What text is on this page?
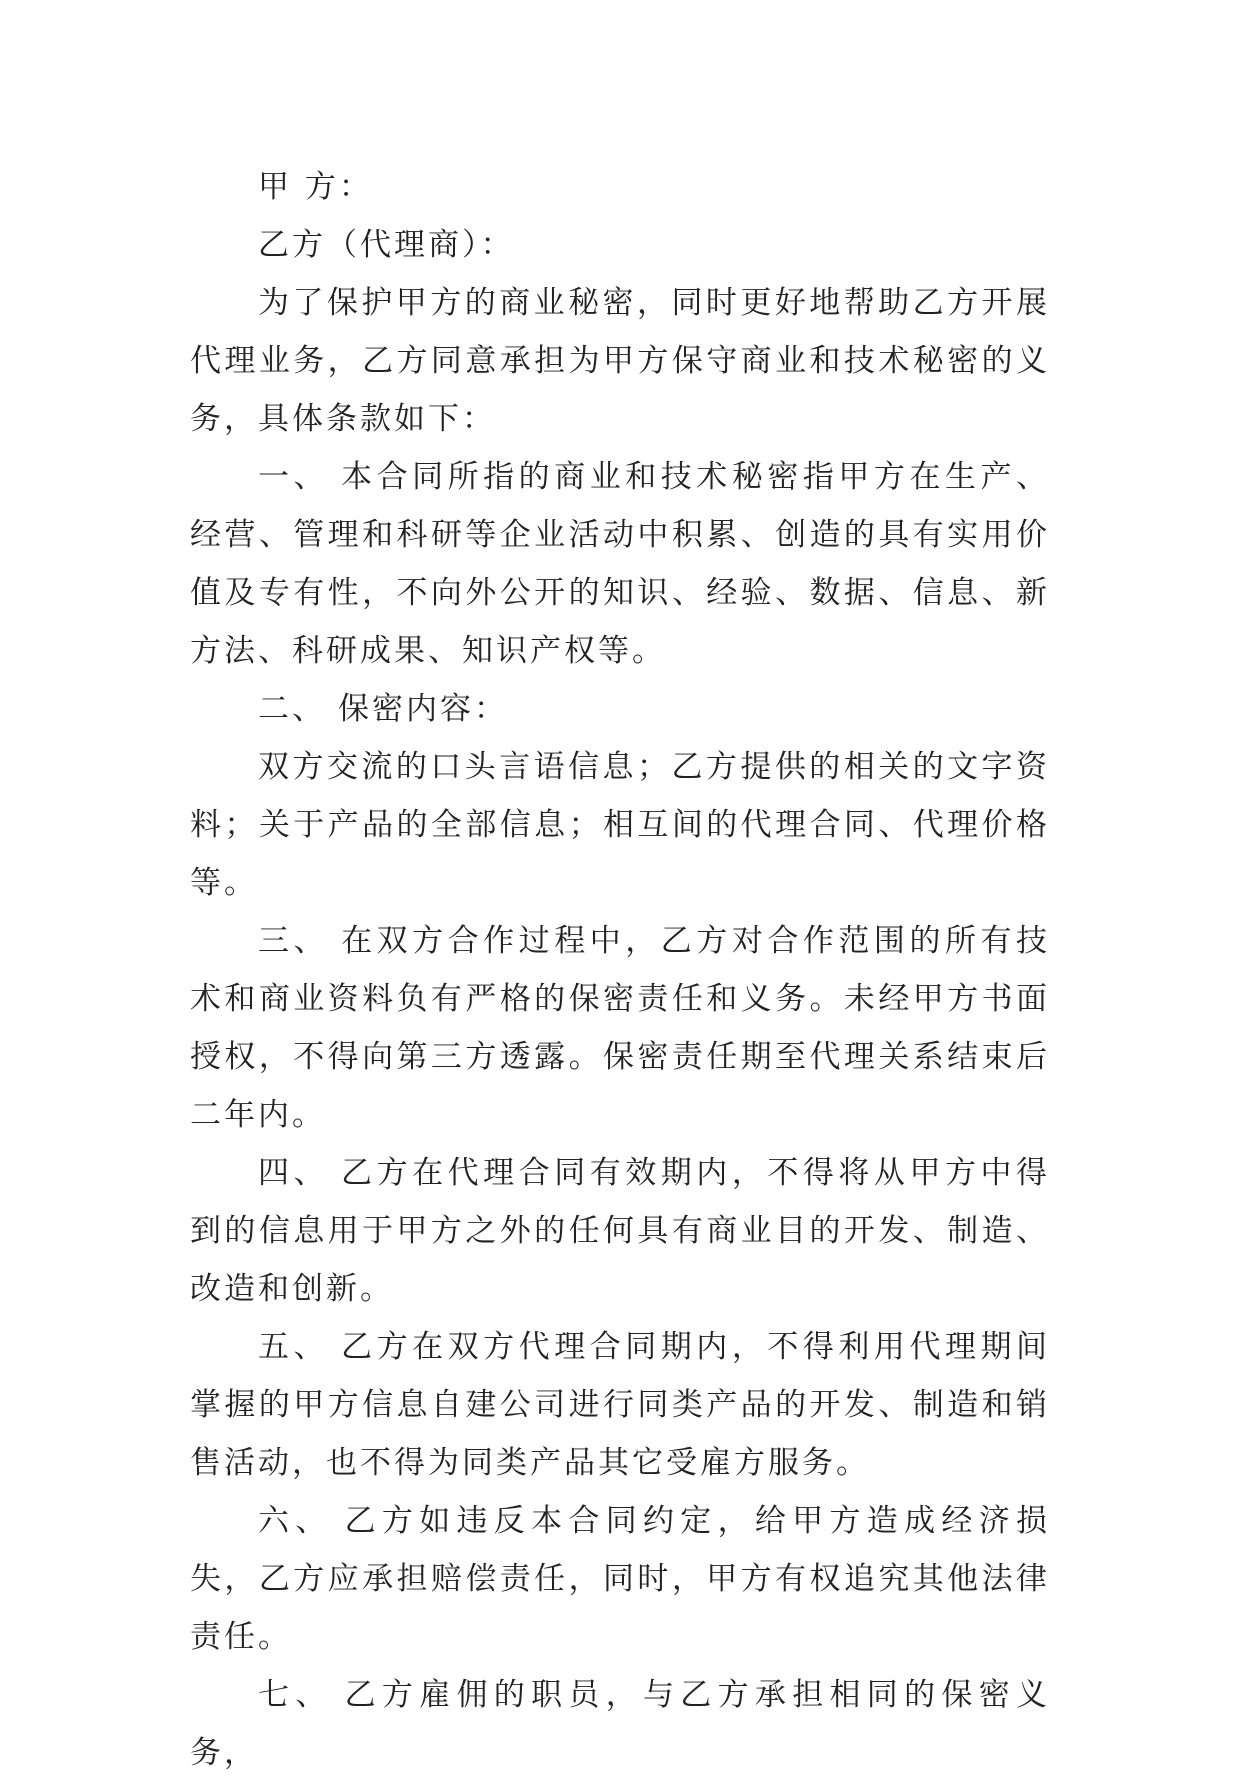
甲 方：

乙方（代理商）：

为了保护甲方的商业秘密，同时更好地帮助乙方开展代理业务，乙方同意承担为甲方保守商业和技术秘密的义务，具体条款如下：

一、 本合同所指的商业和技术秘密指甲方在生产、经营、管理和科研等企业活动中积累、创造的具有实用价值及专有性，不向外公开的知识、经验、数据、信息、新方法、科研成果、知识产权等。

二、 保密内容：

双方交流的口头言语信息；乙方提供的相关的文字资料；关于产品的全部信息；相互间的代理合同、代理价格等。

三、 在双方合作过程中，乙方对合作范围的所有技术和商业资料负有严格的保密责任和义务。未经甲方书面授权，不得向第三方透露。保密责任期至代理关系结束后二年内。

四、 乙方在代理合同有效期内，不得将从甲方中得到的信息用于甲方之外的任何具有商业目的开发、制造、改造和创新。

五、 乙方在双方代理合同期内，不得利用代理期间掌握的甲方信息自建公司进行同类产品的开发、制造和销售活动，也不得为同类产品其它受雇方服务。

六、 乙方如违反本合同约定，给甲方造成经济损失，乙方应承担赔偿责任，同时，甲方有权追究其他法律责任。

七、 乙方雇佣的职员，与乙方承担相同的保密义务，
